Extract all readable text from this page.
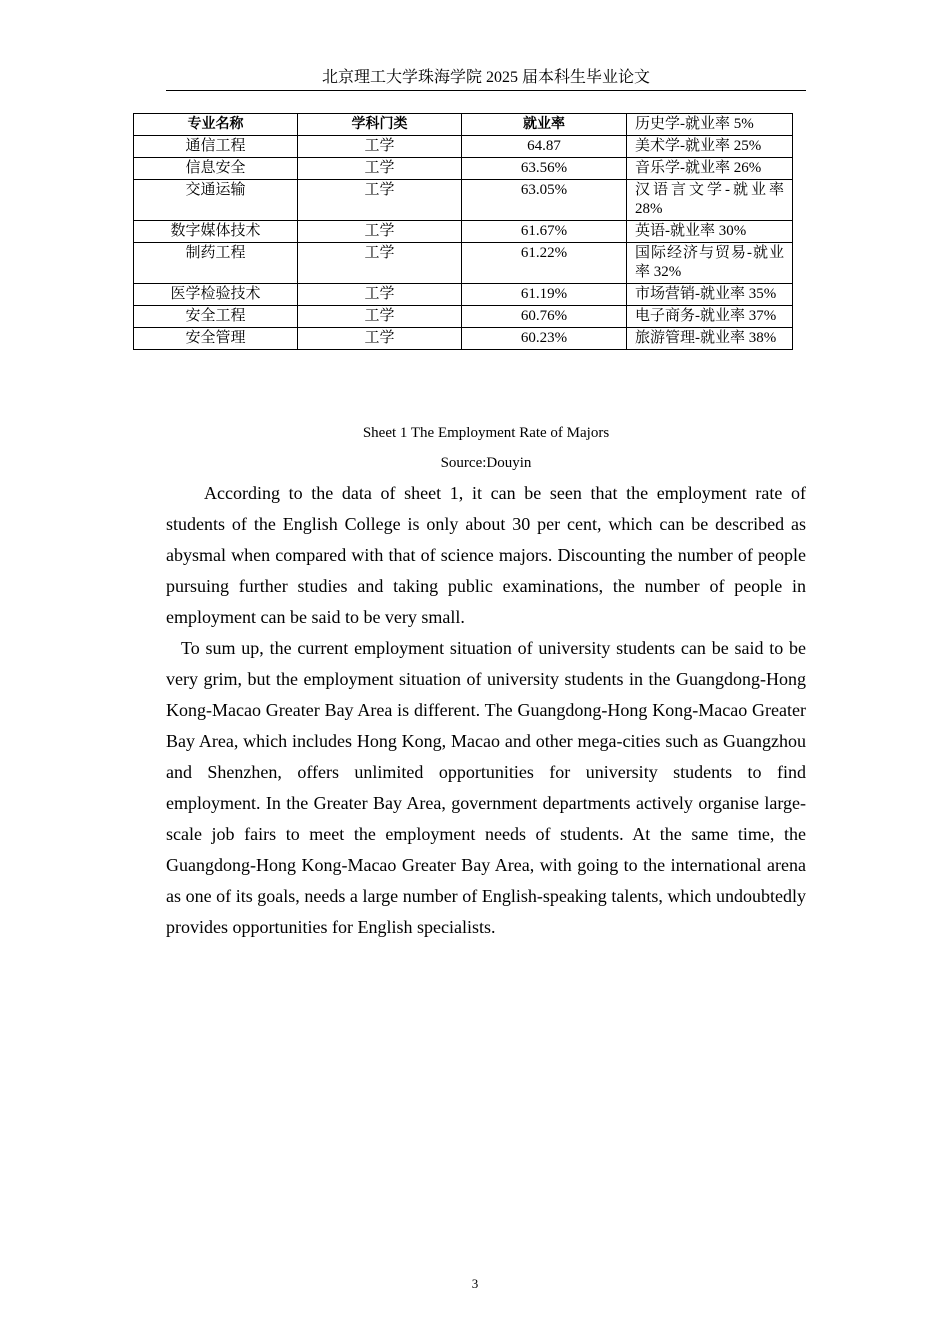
北京理工大学珠海学院 2025 届本科生毕业论文
专业名称	学科门类	就业率	历史学-就业率 5%
通信工程	工学	64.87	美术学-就业率 25%
信息安全	工学	63.56%	音乐学-就业率 26%
交通运输	工学	63.05%	汉语言文学-就业率 28%
数字媒体技术	工学	61.67%	英语-就业率 30%
制药工程	工学	61.22%	国际经济与贸易-就业率 32%
医学检验技术	工学	61.19%	市场营销-就业率 35%
安全工程	工学	60.76%	电子商务-就业率 37%
安全管理	工学	60.23%	旅游管理-就业率 38%
Sheet 1 The Employment Rate of Majors
Source:Douyin

According to the data of sheet 1, it can be seen that the employment rate of students of the English College is only about 30 per cent, which can be described as abysmal when compared with that of science majors. Discounting the number of people pursuing further studies and taking public examinations, the number of people in employment can be said to be very small.

To sum up, the current employment situation of university students can be said to be very grim, but the employment situation of university students in the Guangdong-Hong Kong-Macao Greater Bay Area is different. The Guangdong-Hong Kong-Macao Greater Bay Area, which includes Hong Kong, Macao and other mega-cities such as Guangzhou and Shenzhen, offers unlimited opportunities for university students to find employment. In the Greater Bay Area, government departments actively organise large-scale job fairs to meet the employment needs of students. At the same time, the Guangdong-Hong Kong-Macao Greater Bay Area, with going to the international arena as one of its goals, needs a large number of English-speaking talents, which undoubtedly provides opportunities for English specialists.

3
